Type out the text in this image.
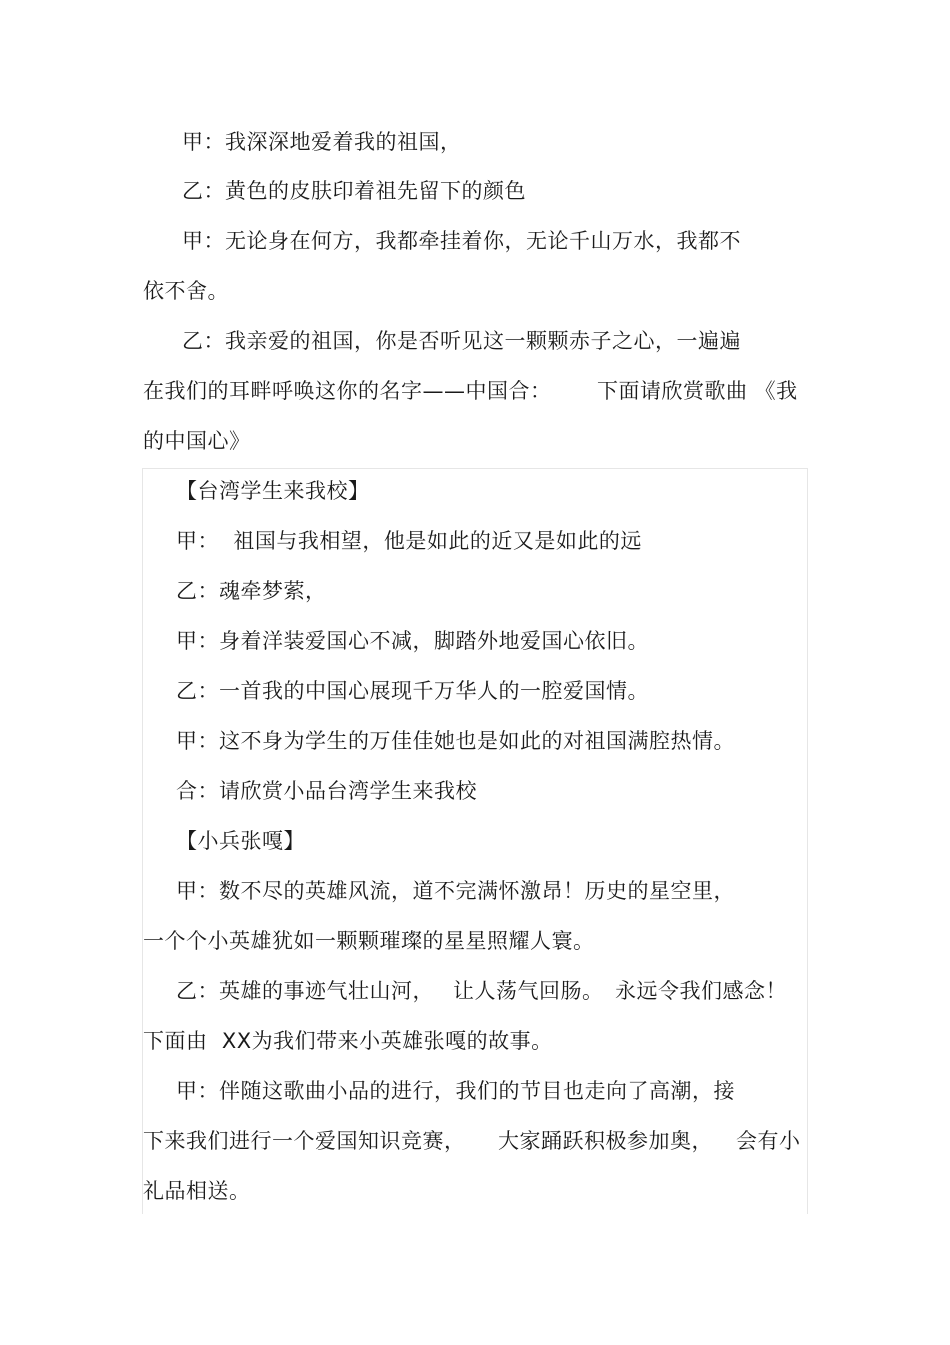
甲：我深深地爱着我的祖国，
乙：黄色的皮肤印着祖先留下的颜色
甲：无论身在何方，我都牵挂着你，无论千山万水，我都不
依不舍。
乙：我亲爱的祖国，你是否听见这一颗颗赤子之心，一遍遍
在我们的耳畔呼唤这你的名字——中国合： 下面请欣赏歌曲 《我
的中国心》
【台湾学生来我校】
甲：  祖国与我相望，他是如此的近又是如此的远
乙：魂牵梦萦，
甲：身着洋装爱国心不减，脚踏外地爱国心依旧。
乙：一首我的中国心展现千万华人的一腔爱国情。
甲：这不身为学生的万佳佳她也是如此的对祖国满腔热情。
合：请欣赏小品台湾学生来我校
【小兵张嘎】
甲：数不尽的英雄风流，道不完满怀激昂！历史的星空里，
一个个小英雄犹如一颗颗璀璨的星星照耀人寰。
乙：英雄的事迹气壮山河， 让人荡气回肠。 永远令我们感念！
下面由  XX为我们带来小英雄张嘎的故事。
甲：伴随这歌曲小品的进行，我们的节目也走向了高潮，接
下来我们进行一个爱国知识竞赛， 大家踊跃积极参加奥， 会有小
礼品相送。
